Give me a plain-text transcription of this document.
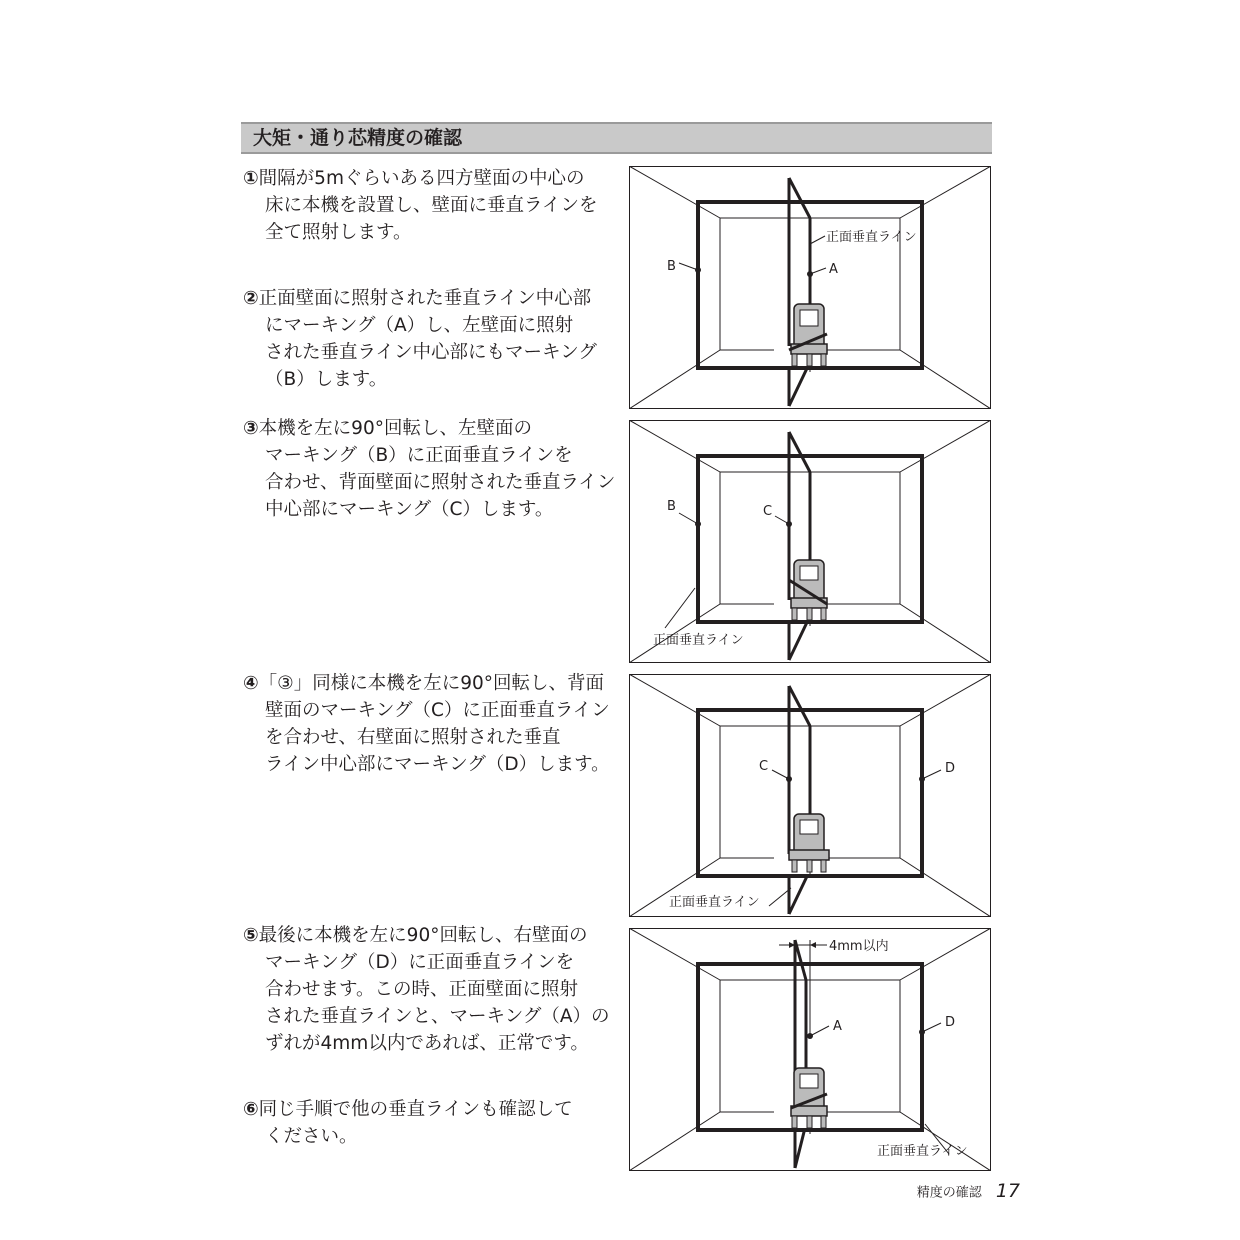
大矩・通り芯精度の確認
①間隔が5mぐらいある四方壁面の中心の
床に本機を設置し、壁面に垂直ラインを
全て照射します。
②正面壁面に照射された垂直ライン中心部
にマーキング（A）し、左壁面に照射
された垂直ライン中心部にもマーキング
（B）します。
③本機を左に90°回転し、左壁面の
マーキング（B）に正面垂直ラインを
合わせ、背面壁面に照射された垂直ライン
中心部にマーキング（C）します。
④「③」同様に本機を左に90°回転し、背面
壁面のマーキング（C）に正面垂直ライン
を合わせ、右壁面に照射された垂直
ライン中心部にマーキング（D）します。
⑤最後に本機を左に90°回転し、右壁面の
マーキング（D）に正面垂直ラインを
合わせます。この時、正面壁面に照射
された垂直ラインと、マーキング（A）の
ずれが4mm以内であれば、正常です。
⑥同じ手順で他の垂直ラインも確認して
ください。
A
B
正面垂直ライン
C
B
正面垂直ライン
C	D
正面垂直ライン
4mm以内
A	D
正面垂直ライン
精度の確認 17
